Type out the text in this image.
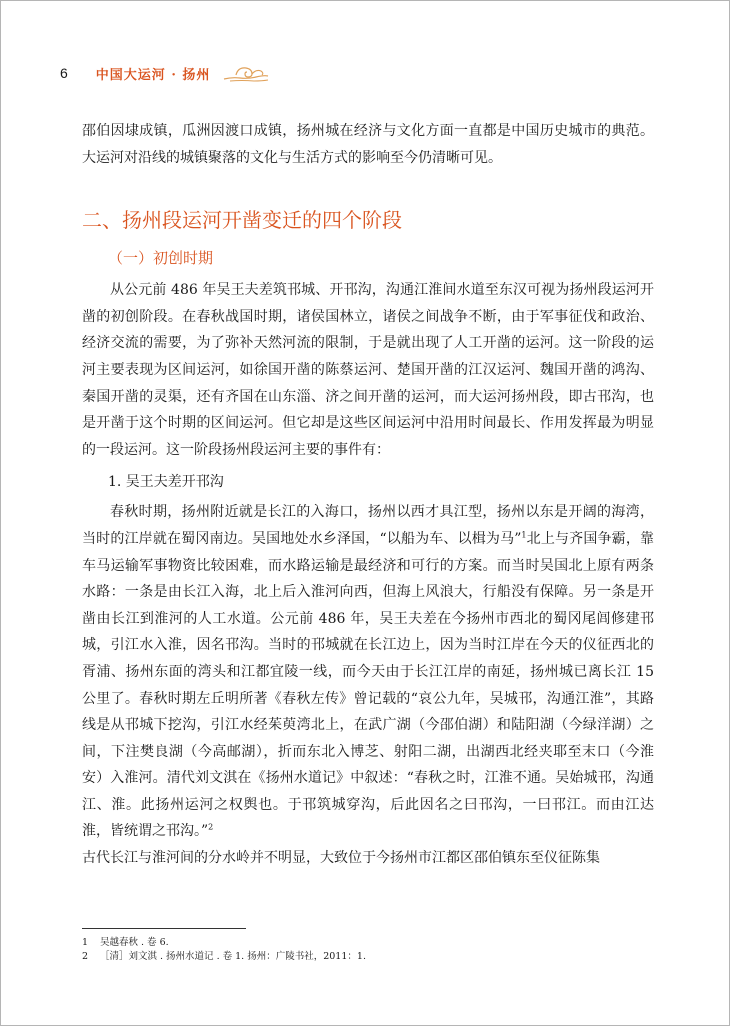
6 中国大运河 · 扬州

邵伯因埭成镇，瓜洲因渡口成镇，扬州城在经济与文化方面一直都是中国历史城市的典范。大运河对沿线的城镇聚落的文化与生活方式的影响至今仍清晰可见。

二、扬州段运河开凿变迁的四个阶段
（一）初创时期

从公元前 486 年吴王夫差筑邗城、开邗沟，沟通江淮间水道至东汉可视为扬州段运河开凿的初创阶段。在春秋战国时期，诸侯国林立，诸侯之间战争不断，由于军事征伐和政治、经济交流的需要，为了弥补天然河流的限制，于是就出现了人工开凿的运河。这一阶段的运河主要表现为区间运河，如徐国开凿的陈蔡运河、楚国开凿的江汉运河、魏国开凿的鸿沟、秦国开凿的灵渠，还有齐国在山东淄、济之间开凿的运河，而大运河扬州段，即古邗沟，也是开凿于这个时期的区间运河。但它却是这些区间运河中沿用时间最长、作用发挥最为明显的一段运河。这一阶段扬州段运河主要的事件有：

1. 吴王夫差开邗沟

春秋时期，扬州附近就是长江的入海口，扬州以西才具江型，扬州以东是开阔的海湾，当时的江岸就在蜀冈南边。吴国地处水乡泽国，“以船为车、以楫为马”$^1$北上与齐国争霸，靠车马运输军事物资比较困难，而水路运输是最经济和可行的方案。而当时吴国北上原有两条水路：一条是由长江入海，北上后入淮河向西，但海上风浪大，行船没有保障。另一条是开凿由长江到淮河的人工水道。公元前 486 年，吴王夫差在今扬州市西北的蜀冈尾闾修建邗城，引江水入淮，因名邗沟。当时的邗城就在长江边上，因为当时江岸在今天的仪征西北的胥浦、扬州东面的湾头和江都宜陵一线，而今天由于长江江岸的南延，扬州城已离长江 15 公里了。春秋时期左丘明所著《春秋左传》曾记载的“哀公九年，吴城邗，沟通江淮”，其路线是从邗城下挖沟，引江水经茱萸湾北上，在武广湖（今邵伯湖）和陆阳湖（今绿洋湖）之间，下注樊良湖（今高邮湖），折而东北入博芝、射阳二湖，出湖西北经夹耶至末口（今淮安）入淮河。清代刘文淇在《扬州水道记》中叙述：“春秋之时，江淮不通。吴始城邗，沟通江、淮。此扬州运河之权舆也。于邗筑城穿沟，后此因名之曰邗沟，一曰邗江。而由江达淮，皆统谓之邗沟。”$^2$

古代长江与淮河间的分水岭并不明显，大致位于今扬州市江都区邵伯镇东至仪征陈集

1	吴越春秋 . 卷 6.
2	［清］刘文淇 . 扬州水道记 . 卷 1. 扬州：广陵书社，2011：1.
